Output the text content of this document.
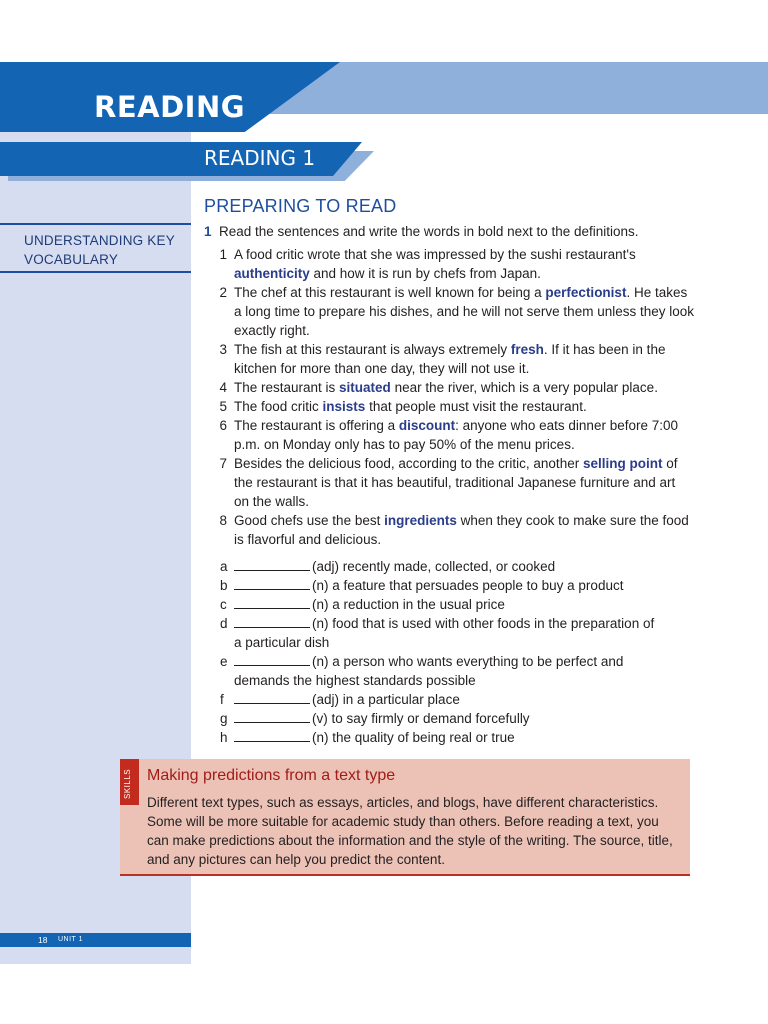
READING
READING 1
PREPARING TO READ
UNDERSTANDING KEY VOCABULARY
1 Read the sentences and write the words in bold next to the definitions.
1 A food critic wrote that she was impressed by the sushi restaurant's authenticity and how it is run by chefs from Japan.
2 The chef at this restaurant is well known for being a perfectionist. He takes a long time to prepare his dishes, and he will not serve them unless they look exactly right.
3 The fish at this restaurant is always extremely fresh. If it has been in the kitchen for more than one day, they will not use it.
4 The restaurant is situated near the river, which is a very popular place.
5 The food critic insists that people must visit the restaurant.
6 The restaurant is offering a discount: anyone who eats dinner before 7:00 p.m. on Monday only has to pay 50% of the menu prices.
7 Besides the delicious food, according to the critic, another selling point of the restaurant is that it has beautiful, traditional Japanese furniture and art on the walls.
8 Good chefs use the best ingredients when they cook to make sure the food is flavorful and delicious.
a	(adj) recently made, collected, or cooked
b	(n) a feature that persuades people to buy a product
c	(n) a reduction in the usual price
d	(n) food that is used with other foods in the preparation of
a particular dish
e	(n) a person who wants everything to be perfect and
demands the highest standards possible
f	(adj) in a particular place
g	(v) to say firmly or demand forcefully
h	(n) the quality of being real or true
SKILLS Making predictions from a text type

Different text types, such as essays, articles, and blogs, have different characteristics. Some will be more suitable for academic study than others. Before reading a text, you can make predictions about the information and the style of the writing. The source, title, and any pictures can help you predict the content.

18 UNIT 1
